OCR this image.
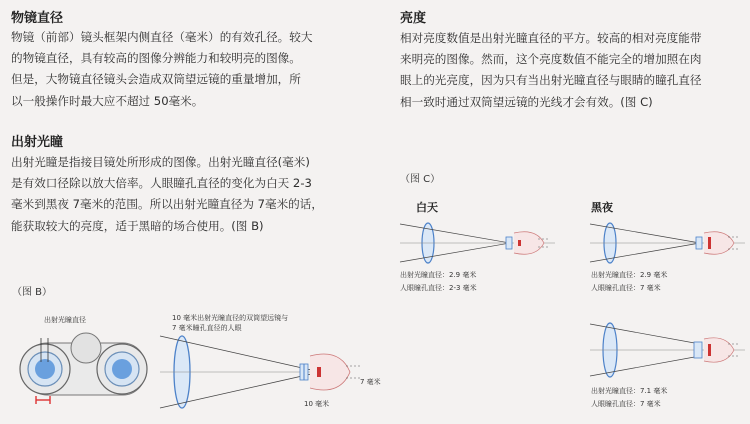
物镜直径
物镜（前部）镜头框架内侧直径（毫米）的有效孔径。较大
的物镜直径，具有较高的图像分辨能力和较明亮的图像。
但是，大物镜直径镜头会造成双筒望远镜的重量增加，所
以一般操作时最大应不超过 50毫米。
出射光瞳
出射光瞳是指接目镜处所形成的图像。出射光瞳直径(毫米)
是有效口径除以放大倍率。人眼瞳孔直径的变化为白天 2-3
毫米到黑夜 7毫米的范围。所以出射光瞳直径为 7毫米的话，
能获取较大的亮度，适于黑暗的场合使用。(图 B)
（图 B）
出射光瞳直径	10 毫米出射光瞳直径的双筒望远镜与
7 毫米瞳孔直径的人眼
7 毫米
10 毫米
亮度
相对亮度数值是出射光瞳直径的平方。较高的相对亮度能带
来明亮的图像。然而，这个亮度数值不能完全的增加照在肉
眼上的光亮度，因为只有当出射光瞳直径与眼睛的瞳孔直径
相一致时通过双筒望远镜的光线才会有效。(图 C)
（图 C）
白天	黑夜
出射光瞳直径：2.9 毫米
人眼瞳孔直径：2-3 毫米
出射光瞳直径：2.9 毫米
人眼瞳孔直径：7 毫米
出射光瞳直径：7.1 毫米
人眼瞳孔直径：7 毫米
